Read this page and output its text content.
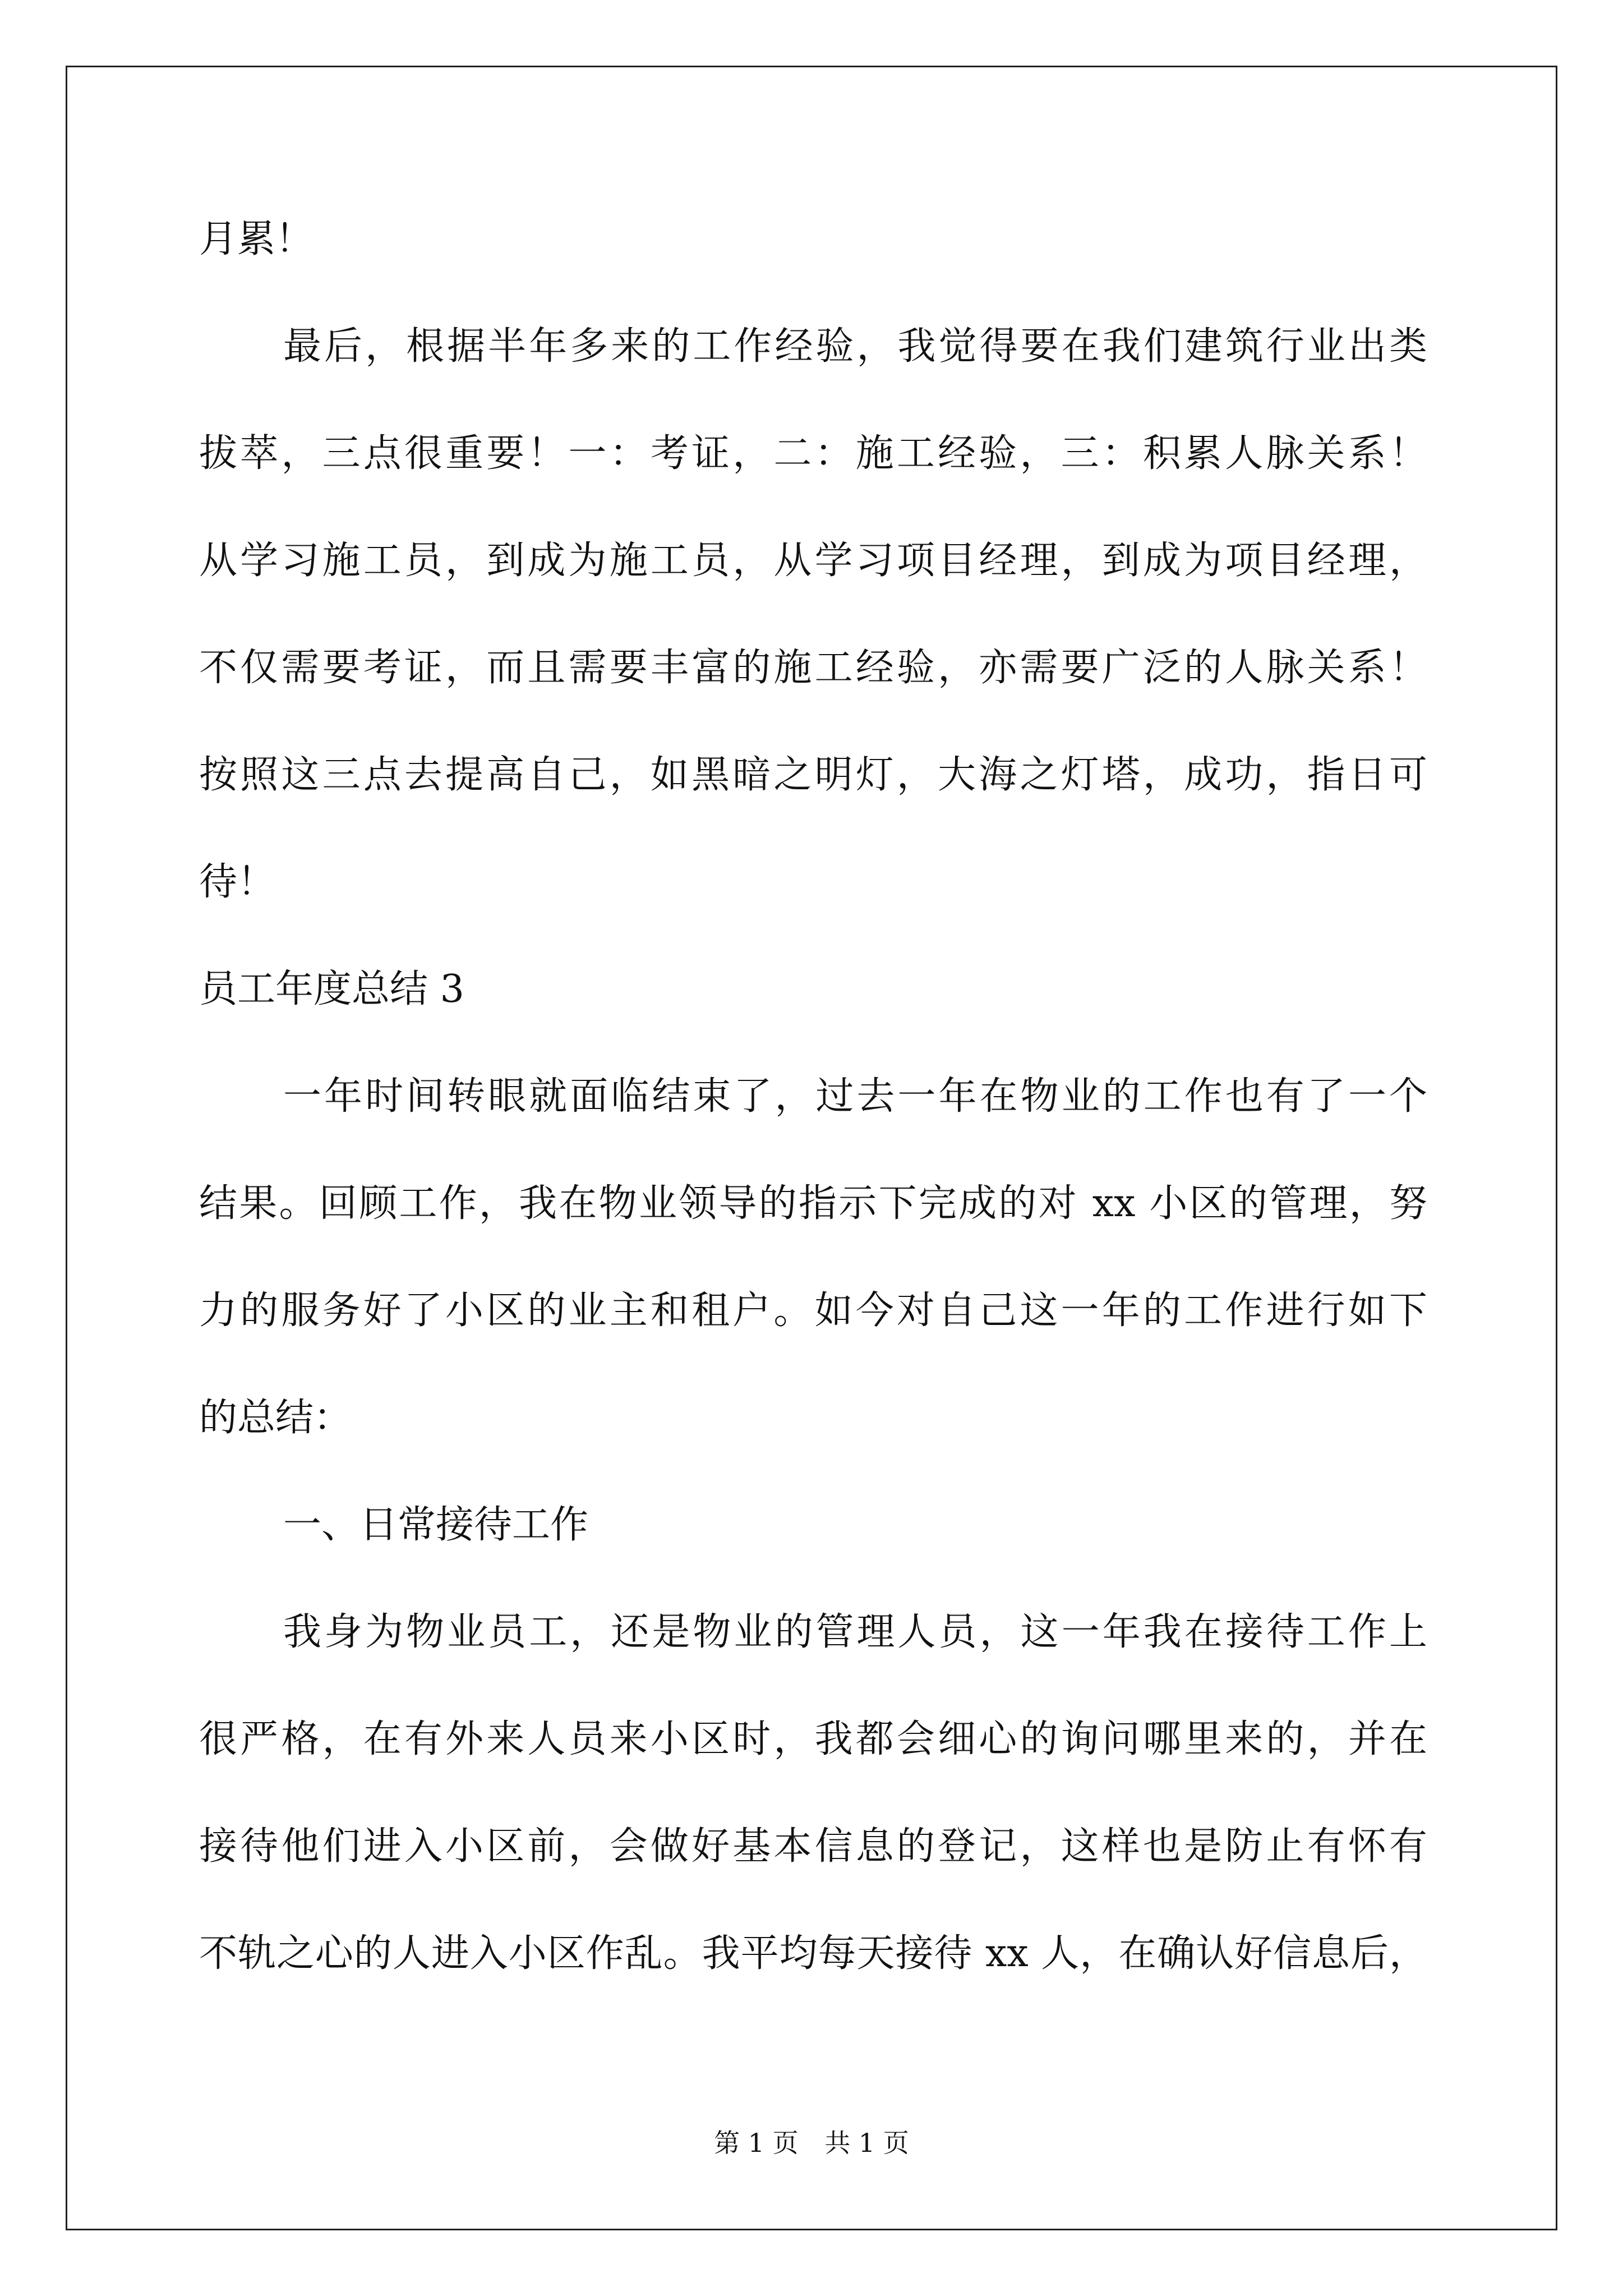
月累！
最后，根据半年多来的工作经验，我觉得要在我们建筑行业出类
拔萃，三点很重要！一：考证，二：施工经验，三：积累人脉关系！
从学习施工员，到成为施工员，从学习项目经理，到成为项目经理，
不仅需要考证，而且需要丰富的施工经验，亦需要广泛的人脉关系！
按照这三点去提高自己，如黑暗之明灯，大海之灯塔，成功，指日可
待！
员工年度总结 3
一年时间转眼就面临结束了，过去一年在物业的工作也有了一个
结果。回顾工作，我在物业领导的指示下完成的对 xx 小区的管理，努
力的服务好了小区的业主和租户。如今对自己这一年的工作进行如下
的总结：
一、日常接待工作
我身为物业员工，还是物业的管理人员，这一年我在接待工作上
很严格，在有外来人员来小区时，我都会细心的询问哪里来的，并在
接待他们进入小区前，会做好基本信息的登记，这样也是防止有怀有
不轨之心的人进入小区作乱。我平均每天接待 xx 人，在确认好信息后，
第 1 页 共 1 页
